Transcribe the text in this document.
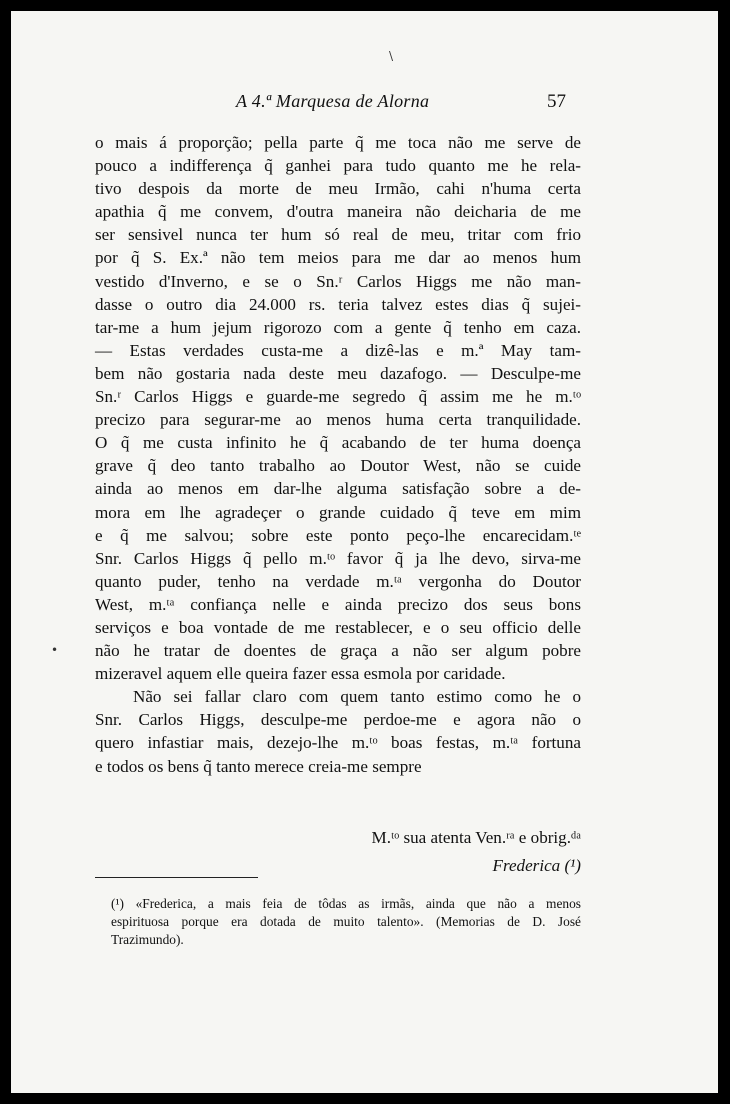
A 4.ª Marquesa de Alorna	57
o mais á proporção; pella parte q̃ me toca não me serve de
pouco a indifferença q̃ ganhei para tudo quanto me he rela-
tivo despois da morte de meu Irmão, cahi n'huma certa
apathia q̃ me convem, d'outra maneira não deicharia de me
ser sensivel nunca ter hum só real de meu, tritar com frio
por q̃ S. Ex.ª não tem meios para me dar ao menos hum
vestido d'Inverno, e se o Sn.ʳ Carlos Higgs me não man-
dasse o outro dia 24.000 rs. teria talvez estes dias q̃ sujei-
tar-me a hum jejum rigorozo com a gente q̃ tenho em caza.
— Estas verdades custa-me a dizê-las e m.ª May tam-
bem não gostaria nada deste meu dazafogo. — Desculpe-me
Sn.ʳ Carlos Higgs e guarde-me segredo q̃ assim me he m.ᵗᵒ
precizo para segurar-me ao menos huma certa tranquilidade.
O q̃ me custa infinito he q̃ acabando de ter huma doença
grave q̃ deo tanto trabalho ao Doutor West, não se cuide
ainda ao menos em dar-lhe alguma satisfação sobre a de-
mora em lhe agradeçer o grande cuidado q̃ teve em mim
e q̃ me salvou; sobre este ponto peço-lhe encarecidam.ᵗᵉ
Snr. Carlos Higgs q̃ pello m.ᵗᵒ favor q̃ ja lhe devo, sirva-me
quanto puder, tenho na verdade m.ᵗᵃ vergonha do Doutor
West, m.ᵗᵃ confiança nelle e ainda precizo dos seus bons
serviços e boa vontade de me restablecer, e o seu officio delle
não he tratar de doentes de graça a não ser algum pobre
mizeravel aquem elle queira fazer essa esmola por caridade.
Não sei fallar claro com quem tanto estimo como he o
Snr. Carlos Higgs, desculpe-me perdoe-me e agora não o
quero infastiar mais, dezejo-lhe m.ᵗᵒ boas festas, m.ᵗᵃ fortuna
e todos os bens q̃ tanto merece creia-me sempre
M.ᵗᵒ sua atenta Ven.ʳᵃ e obrig.ᵈᵃ
Frederica (¹)
(¹) «Frederica, a mais feia de tôdas as irmãs, ainda que não a menos
espirituosa porque era dotada de muito talento». (Memorias de D. José
Trazimundo).
\
•
